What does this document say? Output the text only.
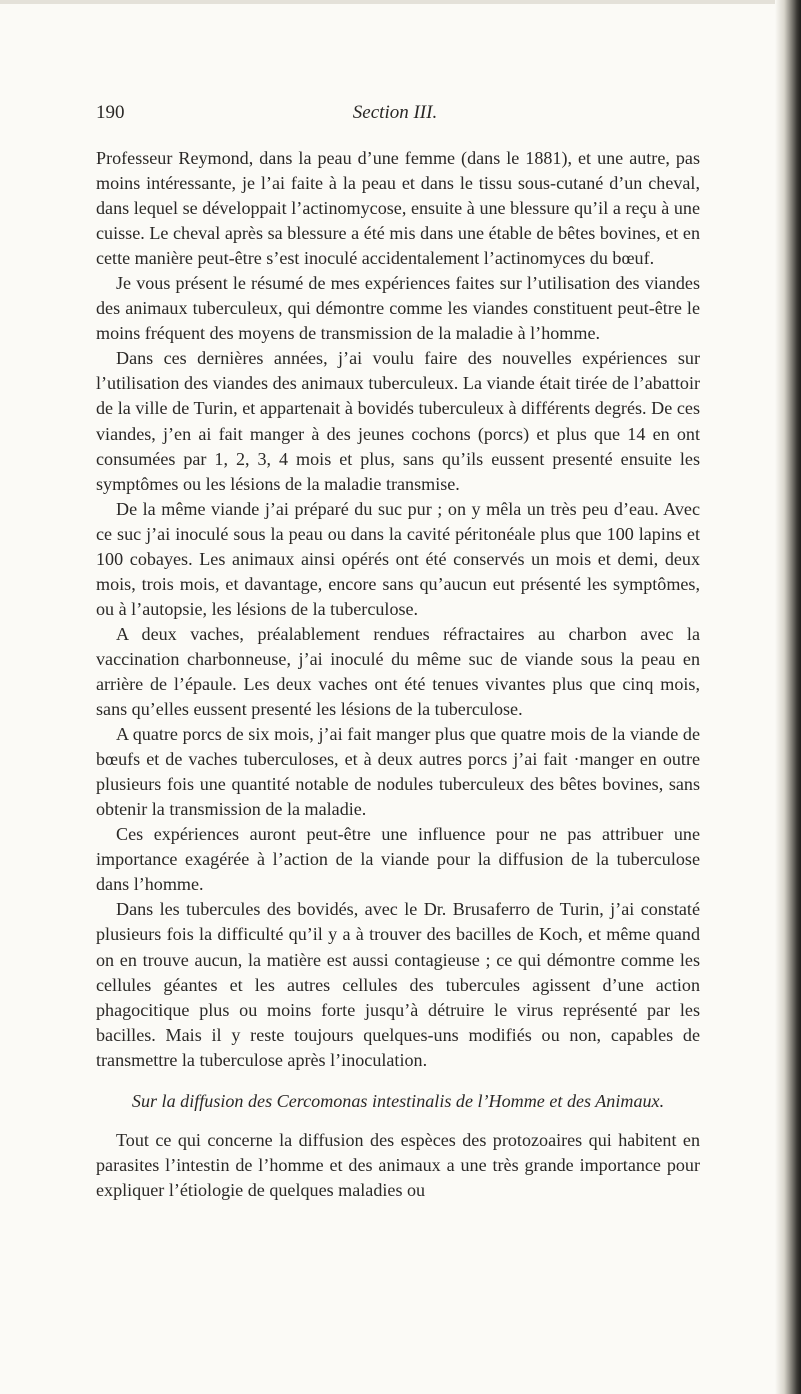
190	Section III.

Professeur Reymond, dans la peau d’une femme (dans le 1881), et une autre, pas moins intéressante, je l’ai faite à la peau et dans le tissu sous-cutané d’un cheval, dans lequel se développait l’actinomycose, ensuite à une blessure qu’il a reçu à une cuisse. Le cheval après sa blessure a été mis dans une étable de bêtes bovines, et en cette manière peut-être s’est inoculé accidentalement l’actinomyces du bœuf.

Je vous présent le résumé de mes expériences faites sur l’utilisation des viandes des animaux tuberculeux, qui démontre comme les viandes constituent peut-être le moins fréquent des moyens de transmission de la maladie à l’homme.

Dans ces dernières années, j’ai voulu faire des nouvelles expériences sur l’utilisation des viandes des animaux tuberculeux. La viande était tirée de l’abattoir de la ville de Turin, et appartenait à bovidés tuberculeux à différents degrés. De ces viandes, j’en ai fait manger à des jeunes cochons (porcs) et plus que 14 en ont consumées par 1, 2, 3, 4 mois et plus, sans qu’ils eussent presenté ensuite les symptômes ou les lésions de la maladie transmise.

De la même viande j’ai préparé du suc pur ; on y mêla un très peu d’eau. Avec ce suc j’ai inoculé sous la peau ou dans la cavité péritonéale plus que 100 lapins et 100 cobayes. Les animaux ainsi opérés ont été conservés un mois et demi, deux mois, trois mois, et davantage, encore sans qu’aucun eut présenté les symptômes, ou à l’autopsie, les lésions de la tuberculose.

A deux vaches, préalablement rendues réfractaires au charbon avec la vaccination charbonneuse, j’ai inoculé du même suc de viande sous la peau en arrière de l’épaule. Les deux vaches ont été tenues vivantes plus que cinq mois, sans qu’elles eussent presenté les lésions de la tuberculose.

A quatre porcs de six mois, j’ai fait manger plus que quatre mois de la viande de bœufs et de vaches tuberculoses, et à deux autres porcs j’ai fait ·manger en outre plusieurs fois une quantité notable de nodules tuberculeux des bêtes bovines, sans obtenir la transmission de la maladie.

Ces expériences auront peut-être une influence pour ne pas attribuer une importance exagérée à l’action de la viande pour la diffusion de la tuberculose dans l’homme.

Dans les tubercules des bovidés, avec le Dr. Brusaferro de Turin, j’ai constaté plusieurs fois la difficulté qu’il y a à trouver des bacilles de Koch, et même quand on en trouve aucun, la matière est aussi contagieuse ; ce qui démontre comme les cellules géantes et les autres cellules des tubercules agissent d’une action phagocitique plus ou moins forte jusqu’à détruire le virus représenté par les bacilles. Mais il y reste toujours quelques-uns modifiés ou non, capables de transmettre la tuberculose après l’inoculation.

Sur la diffusion des Cercomonas intestinalis de l’Homme et des Animaux.

Tout ce qui concerne la diffusion des espèces des protozoaires qui habitent en parasites l’intestin de l’homme et des animaux a une très grande importance pour expliquer l’étiologie de quelques maladies ou
